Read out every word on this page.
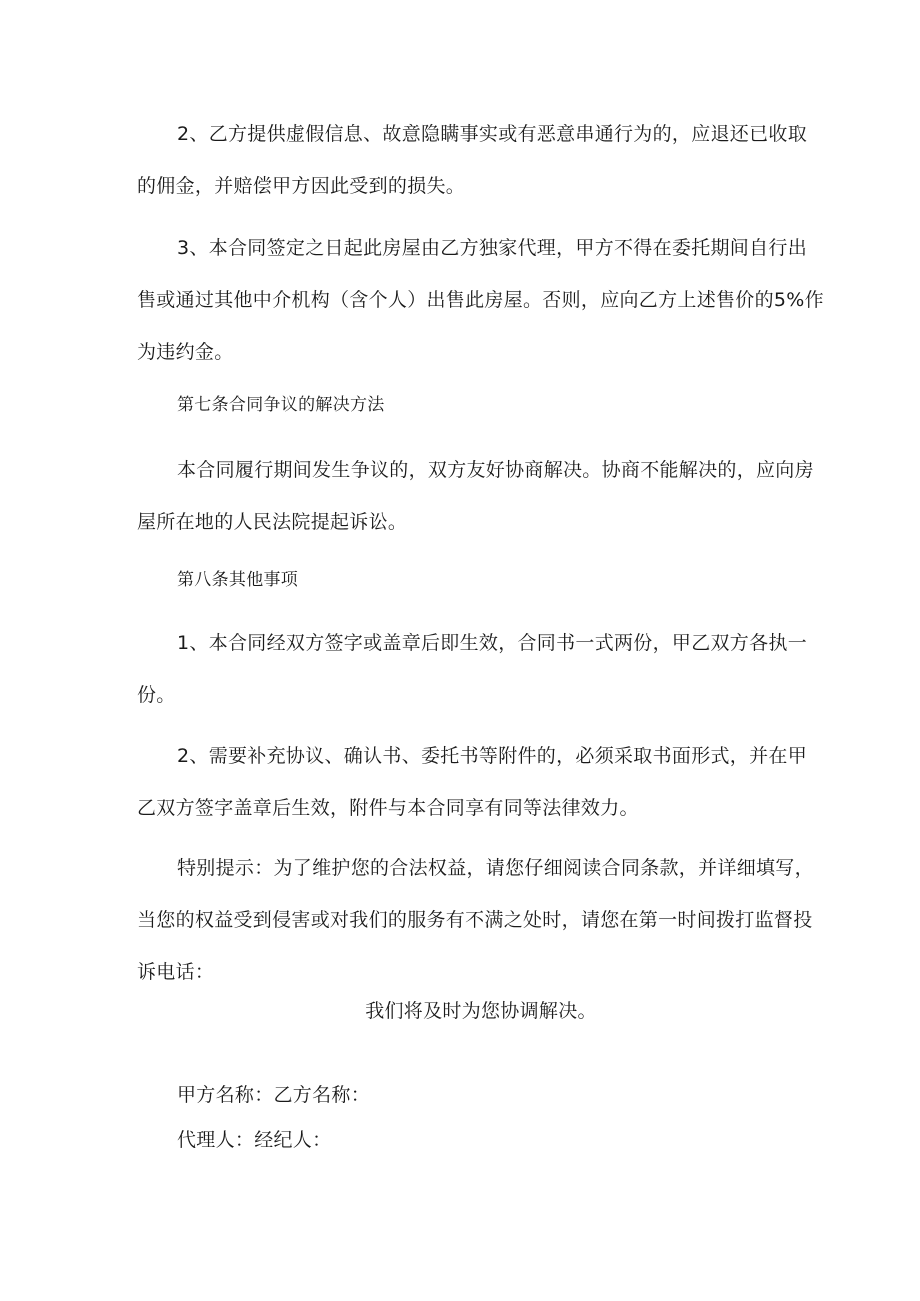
2、乙方提供虚假信息、故意隐瞒事实或有恶意串通行为的，应退还已收取
的佣金，并赔偿甲方因此受到的损失。
3、本合同签定之日起此房屋由乙方独家代理，甲方不得在委托期间自行出
售或通过其他中介机构（含个人）出售此房屋。否则，应向乙方上述售价的5%作
为违约金。
第七条合同争议的解决方法
本合同履行期间发生争议的，双方友好协商解决。协商不能解决的，应向房
屋所在地的人民法院提起诉讼。
第八条其他事项
1、本合同经双方签字或盖章后即生效，合同书一式两份，甲乙双方各执一
份。
2、需要补充协议、确认书、委托书等附件的，必须采取书面形式，并在甲
乙双方签字盖章后生效，附件与本合同享有同等法律效力。
特别提示：为了维护您的合法权益，请您仔细阅读合同条款，并详细填写，
当您的权益受到侵害或对我们的服务有不满之处时，请您在第一时间拨打监督投
诉电话：
我们将及时为您协调解决。
甲方名称：乙方名称：
代理人：经纪人：
